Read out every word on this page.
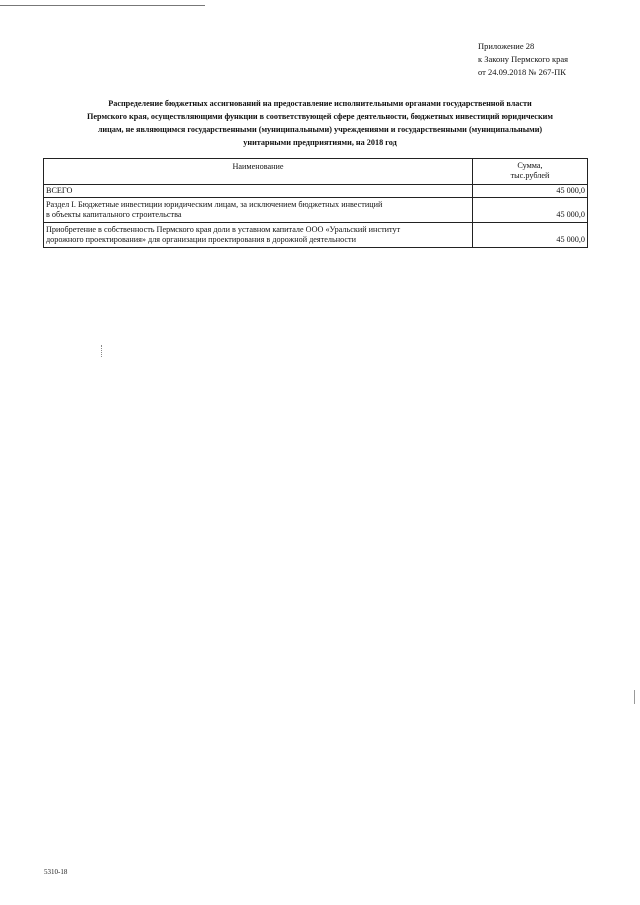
Приложение 28
к Закону Пермского края
от 24.09.2018 № 267-ПК
Распределение бюджетных ассигнований на предоставление исполнительными органами государственной власти
Пермского края, осуществляющими функции в соответствующей сфере деятельности, бюджетных инвестиций юридическим
лицам, не являющимся государственными (муниципальными) учреждениями и государственными (муниципальными)
унитарными предприятиями, на 2018 год
Наименование	Сумма,
тыс.рублей

ВСЕГО	45 000,0

Раздел I. Бюджетные инвестиции юридическим лицам, за исключением бюджетных инвестиций
в объекты капитального строительства	45 000,0

Приобретение в собственность Пермского края доли в уставном капитале ООО «Уральский институт
дорожного проектирования» для организации проектирования в дорожной деятельности	45 000,0
5310-18
